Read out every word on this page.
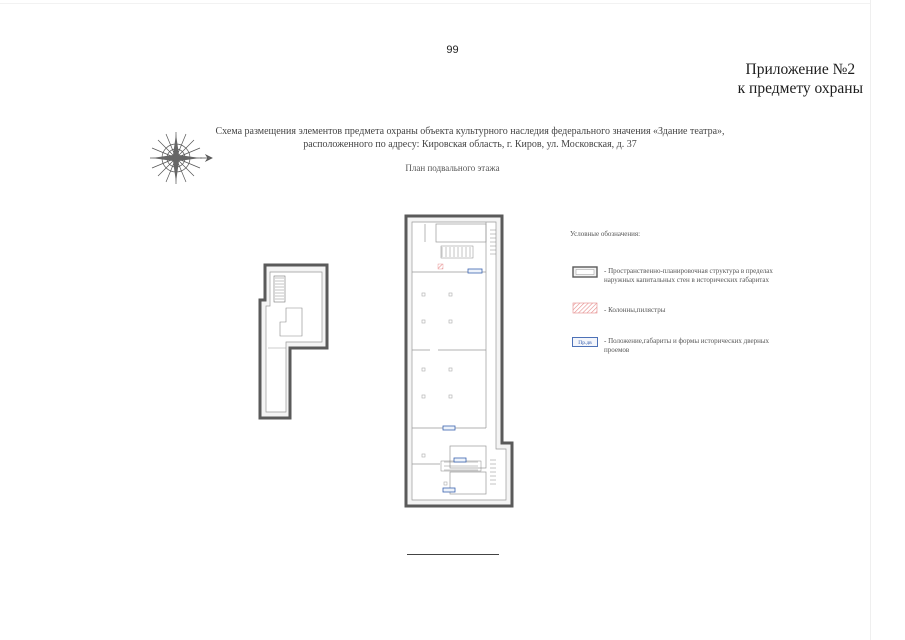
99
Приложение №2
к предмету охраны
Схема размещения элементов предмета охраны объекта культурного наследия федерального значения «Здание театра»,
расположенного по адресу: Кировская область, г. Киров, ул. Московская, д. 37
План подвального этажа
Условные обозначения:
- Пространственно-планировочная структура в пределах наружных капитальных стен в исторических габаритах
- Колонны,пилястры
Пр.дв - Положение,габариты и формы исторических дверных проемов
